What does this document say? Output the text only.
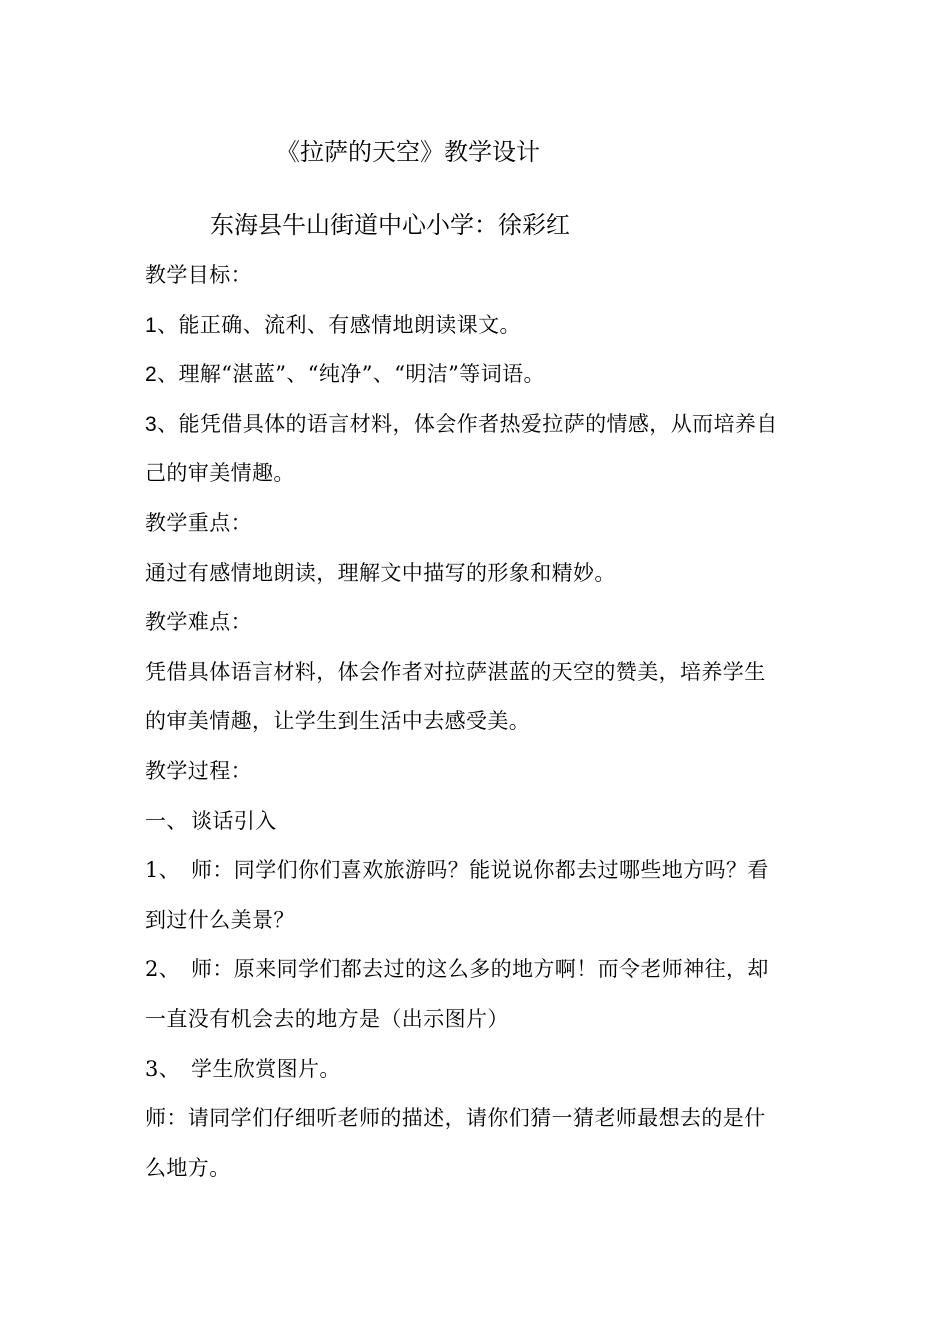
《拉萨的天空》教学设计
东海县牛山街道中心小学：徐彩红
教学目标：
1、能正确、流利、有感情地朗读课文。
2、理解“湛蓝”、“纯净”、“明洁”等词语。
3、能凭借具体的语言材料，体会作者热爱拉萨的情感，从而培养自
己的审美情趣。
教学重点：
通过有感情地朗读，理解文中描写的形象和精妙。
教学难点：
凭借具体语言材料，体会作者对拉萨湛蓝的天空的赞美，培养学生
的审美情趣，让学生到生活中去感受美。
教学过程：
一、 谈话引入
1、 师：同学们你们喜欢旅游吗？能说说你都去过哪些地方吗？看
到过什么美景？
2、 师：原来同学们都去过的这么多的地方啊！而令老师神往，却
一直没有机会去的地方是（出示图片）
3、 学生欣赏图片。
师：请同学们仔细听老师的描述，请你们猜一猜老师最想去的是什
么地方。
